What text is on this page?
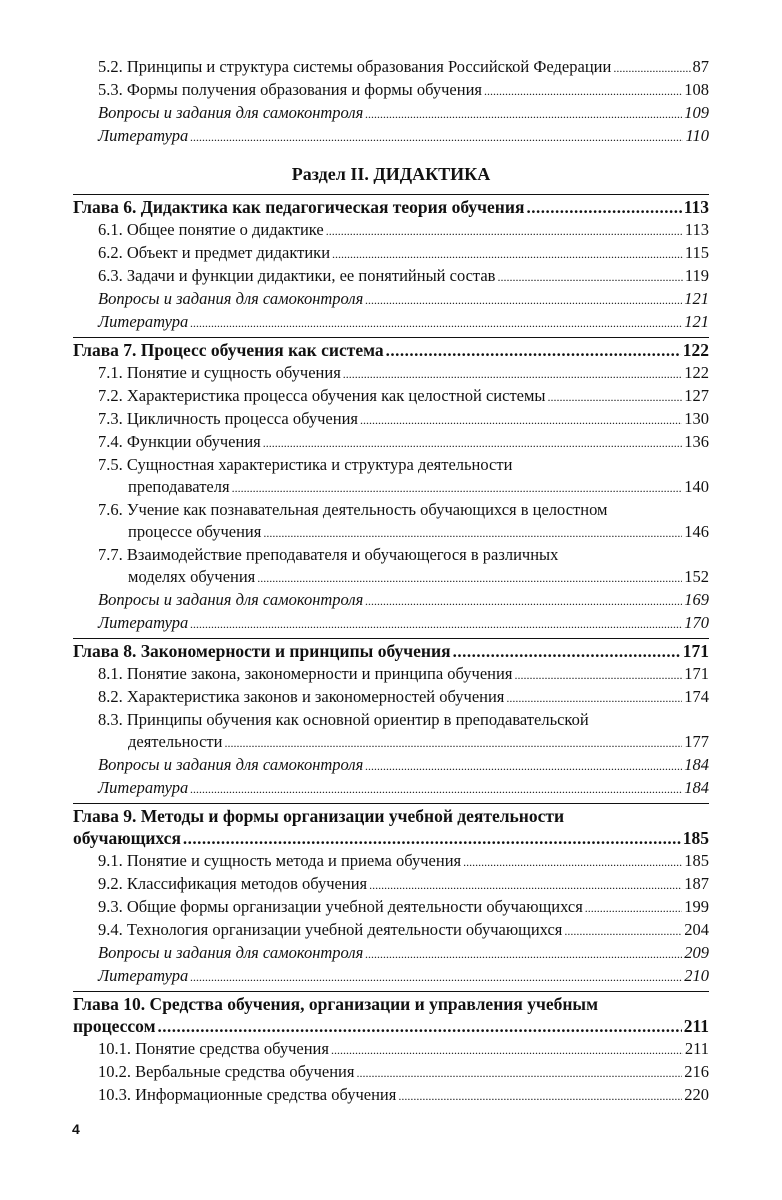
5.2. Принципы и структура системы образования Российской Федерации .....	87
5.3. Формы получения образования и формы обучения .....	108
Вопросы и задания для самоконтроля .....	109
Литература .....	110
Раздел II. ДИДАКТИКА
Глава 6. Дидактика как педагогическая теория обучения .....	113
6.1. Общее понятие о дидактике .....	113
6.2. Объект и предмет дидактики .....	115
6.3. Задачи и функции дидактики, ее понятийный состав .....	119
Вопросы и задания для самоконтроля .....	121
Литература .....	121
Глава 7. Процесс обучения как система .....	122
7.1. Понятие и сущность обучения .....	122
7.2. Характеристика процесса обучения как целостной системы .....	127
7.3. Цикличность процесса обучения .....	130
7.4. Функции обучения .....	136
7.5. Сущностная характеристика и структура деятельности
преподавателя .....	140
7.6. Учение как познавательная деятельность обучающихся в целостном
процессе обучения .....	146
7.7. Взаимодействие преподавателя и обучающегося в различных
моделях обучения .....	152
Вопросы и задания для самоконтроля .....	169
Литература .....	170
Глава 8. Закономерности и принципы обучения .....	171
8.1. Понятие закона, закономерности и принципа обучения .....	171
8.2. Характеристика законов и закономерностей обучения .....	174
8.3. Принципы обучения как основной ориентир в преподавательской
деятельности .....	177
Вопросы и задания для самоконтроля .....	184
Литература .....	184
Глава 9. Методы и формы организации учебной деятельности
обучающихся .....	185
9.1. Понятие и сущность метода и приема обучения .....	185
9.2. Классификация методов обучения .....	187
9.3. Общие формы организации учебной деятельности обучающихся .....	199
9.4. Технология организации учебной деятельности обучающихся .....	204
Вопросы и задания для самоконтроля .....	209
Литература .....	210
Глава 10. Средства обучения, организации и управления учебным
процессом .....	211
10.1. Понятие средства обучения .....	211
10.2. Вербальные средства обучения .....	216
10.3. Информационные средства обучения .....	220
4
